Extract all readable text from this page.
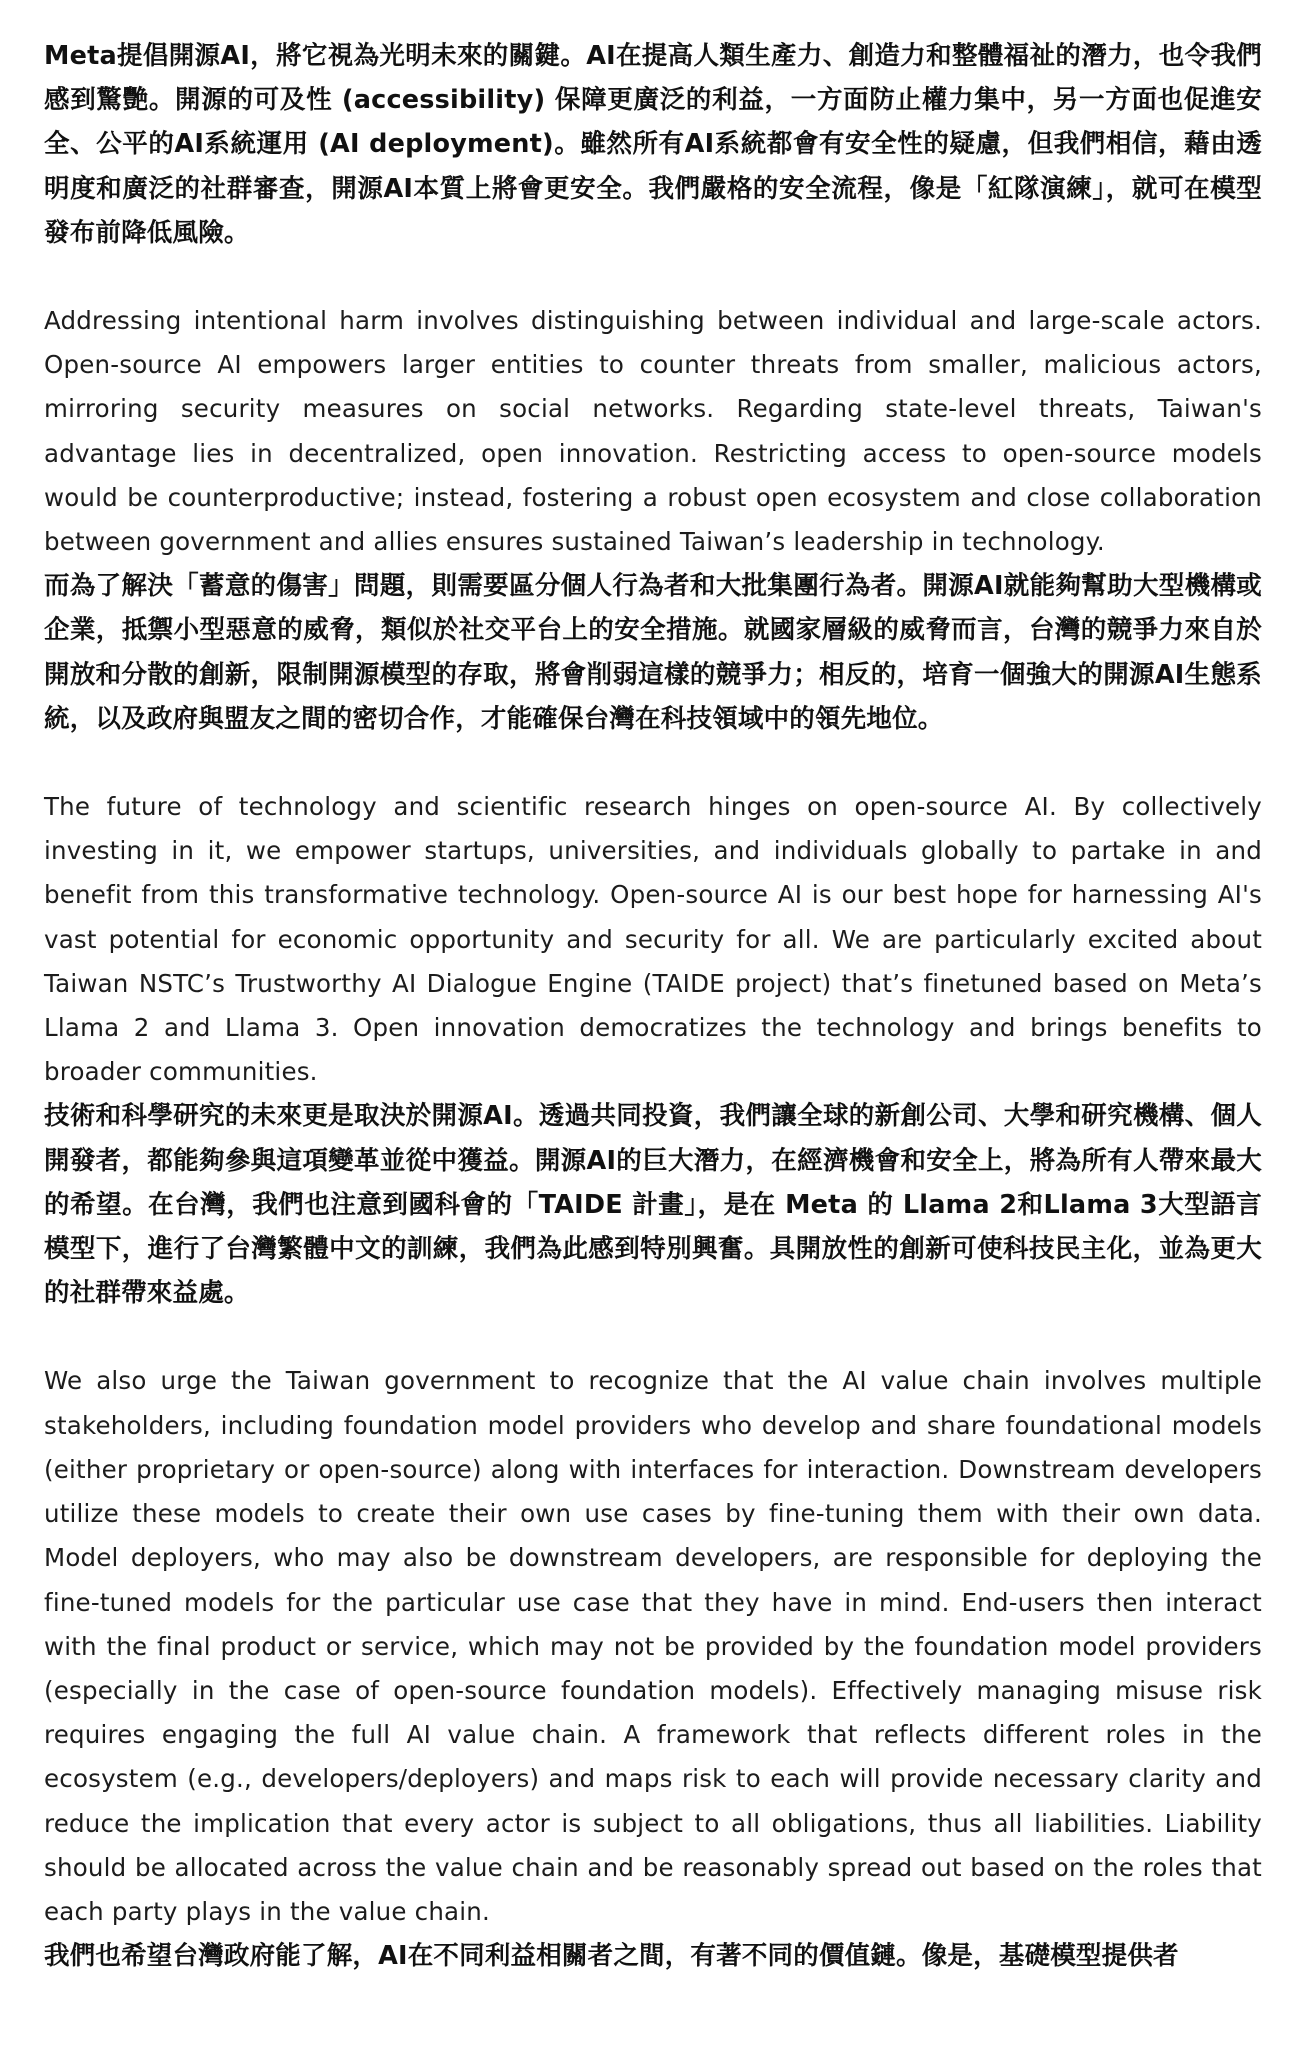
Meta提倡開源AI，將它視為光明未來的關鍵。AI在提高人類生產力、創造力和整體福祉的潛力，也令我們感到驚艷。開源的可及性 (accessibility) 保障更廣泛的利益，一方面防止權力集中，另一方面也促進安全、公平的AI系統運用 (AI deployment)。雖然所有AI系統都會有安全性的疑慮，但我們相信，藉由透明度和廣泛的社群審查，開源AI本質上將會更安全。我們嚴格的安全流程，像是「紅隊演練」，就可在模型發布前降低風險。

Addressing intentional harm involves distinguishing between individual and large-scale actors. Open-source AI empowers larger entities to counter threats from smaller, malicious actors, mirroring security measures on social networks. Regarding state-level threats, Taiwan's advantage lies in decentralized, open innovation. Restricting access to open-source models would be counterproductive; instead, fostering a robust open ecosystem and close collaboration between government and allies ensures sustained Taiwan’s leadership in technology.

而為了解決「蓄意的傷害」問題，則需要區分個人行為者和大批集團行為者。開源AI就能夠幫助大型機構或企業，抵禦小型惡意的威脅，類似於社交平台上的安全措施。就國家層級的威脅而言，台灣的競爭力來自於開放和分散的創新，限制開源模型的存取，將會削弱這樣的競爭力；相反的，培育一個強大的開源AI生態系統，以及政府與盟友之間的密切合作，才能確保台灣在科技領域中的領先地位。

The future of technology and scientific research hinges on open-source AI. By collectively investing in it, we empower startups, universities, and individuals globally to partake in and benefit from this transformative technology. Open-source AI is our best hope for harnessing AI's vast potential for economic opportunity and security for all. We are particularly excited about Taiwan NSTC’s Trustworthy AI Dialogue Engine (TAIDE project) that’s finetuned based on Meta’s Llama 2 and Llama 3. Open innovation democratizes the technology and brings benefits to broader communities.

技術和科學研究的未來更是取決於開源AI。透過共同投資，我們讓全球的新創公司、大學和研究機構、個人開發者，都能夠參與這項變革並從中獲益。開源AI的巨大潛力，在經濟機會和安全上，將為所有人帶來最大的希望。在台灣，我們也注意到國科會的「TAIDE 計畫」，是在 Meta 的 Llama 2和Llama 3大型語言模型下，進行了台灣繁體中文的訓練，我們為此感到特別興奮。具開放性的創新可使科技民主化，並為更大的社群帶來益處。

We also urge the Taiwan government to recognize that the AI value chain involves multiple stakeholders, including foundation model providers who develop and share foundational models (either proprietary or open-source) along with interfaces for interaction. Downstream developers utilize these models to create their own use cases by fine-tuning them with their own data. Model deployers, who may also be downstream developers, are responsible for deploying the fine-tuned models for the particular use case that they have in mind. End-users then interact with the final product or service, which may not be provided by the foundation model providers (especially in the case of open-source foundation models). Effectively managing misuse risk requires engaging the full AI value chain. A framework that reflects different roles in the ecosystem (e.g., developers/deployers) and maps risk to each will provide necessary clarity and reduce the implication that every actor is subject to all obligations, thus all liabilities. Liability should be allocated across the value chain and be reasonably spread out based on the roles that each party plays in the value chain.

我們也希望台灣政府能了解，AI在不同利益相關者之間，有著不同的價值鏈。像是，基礎模型提供者
